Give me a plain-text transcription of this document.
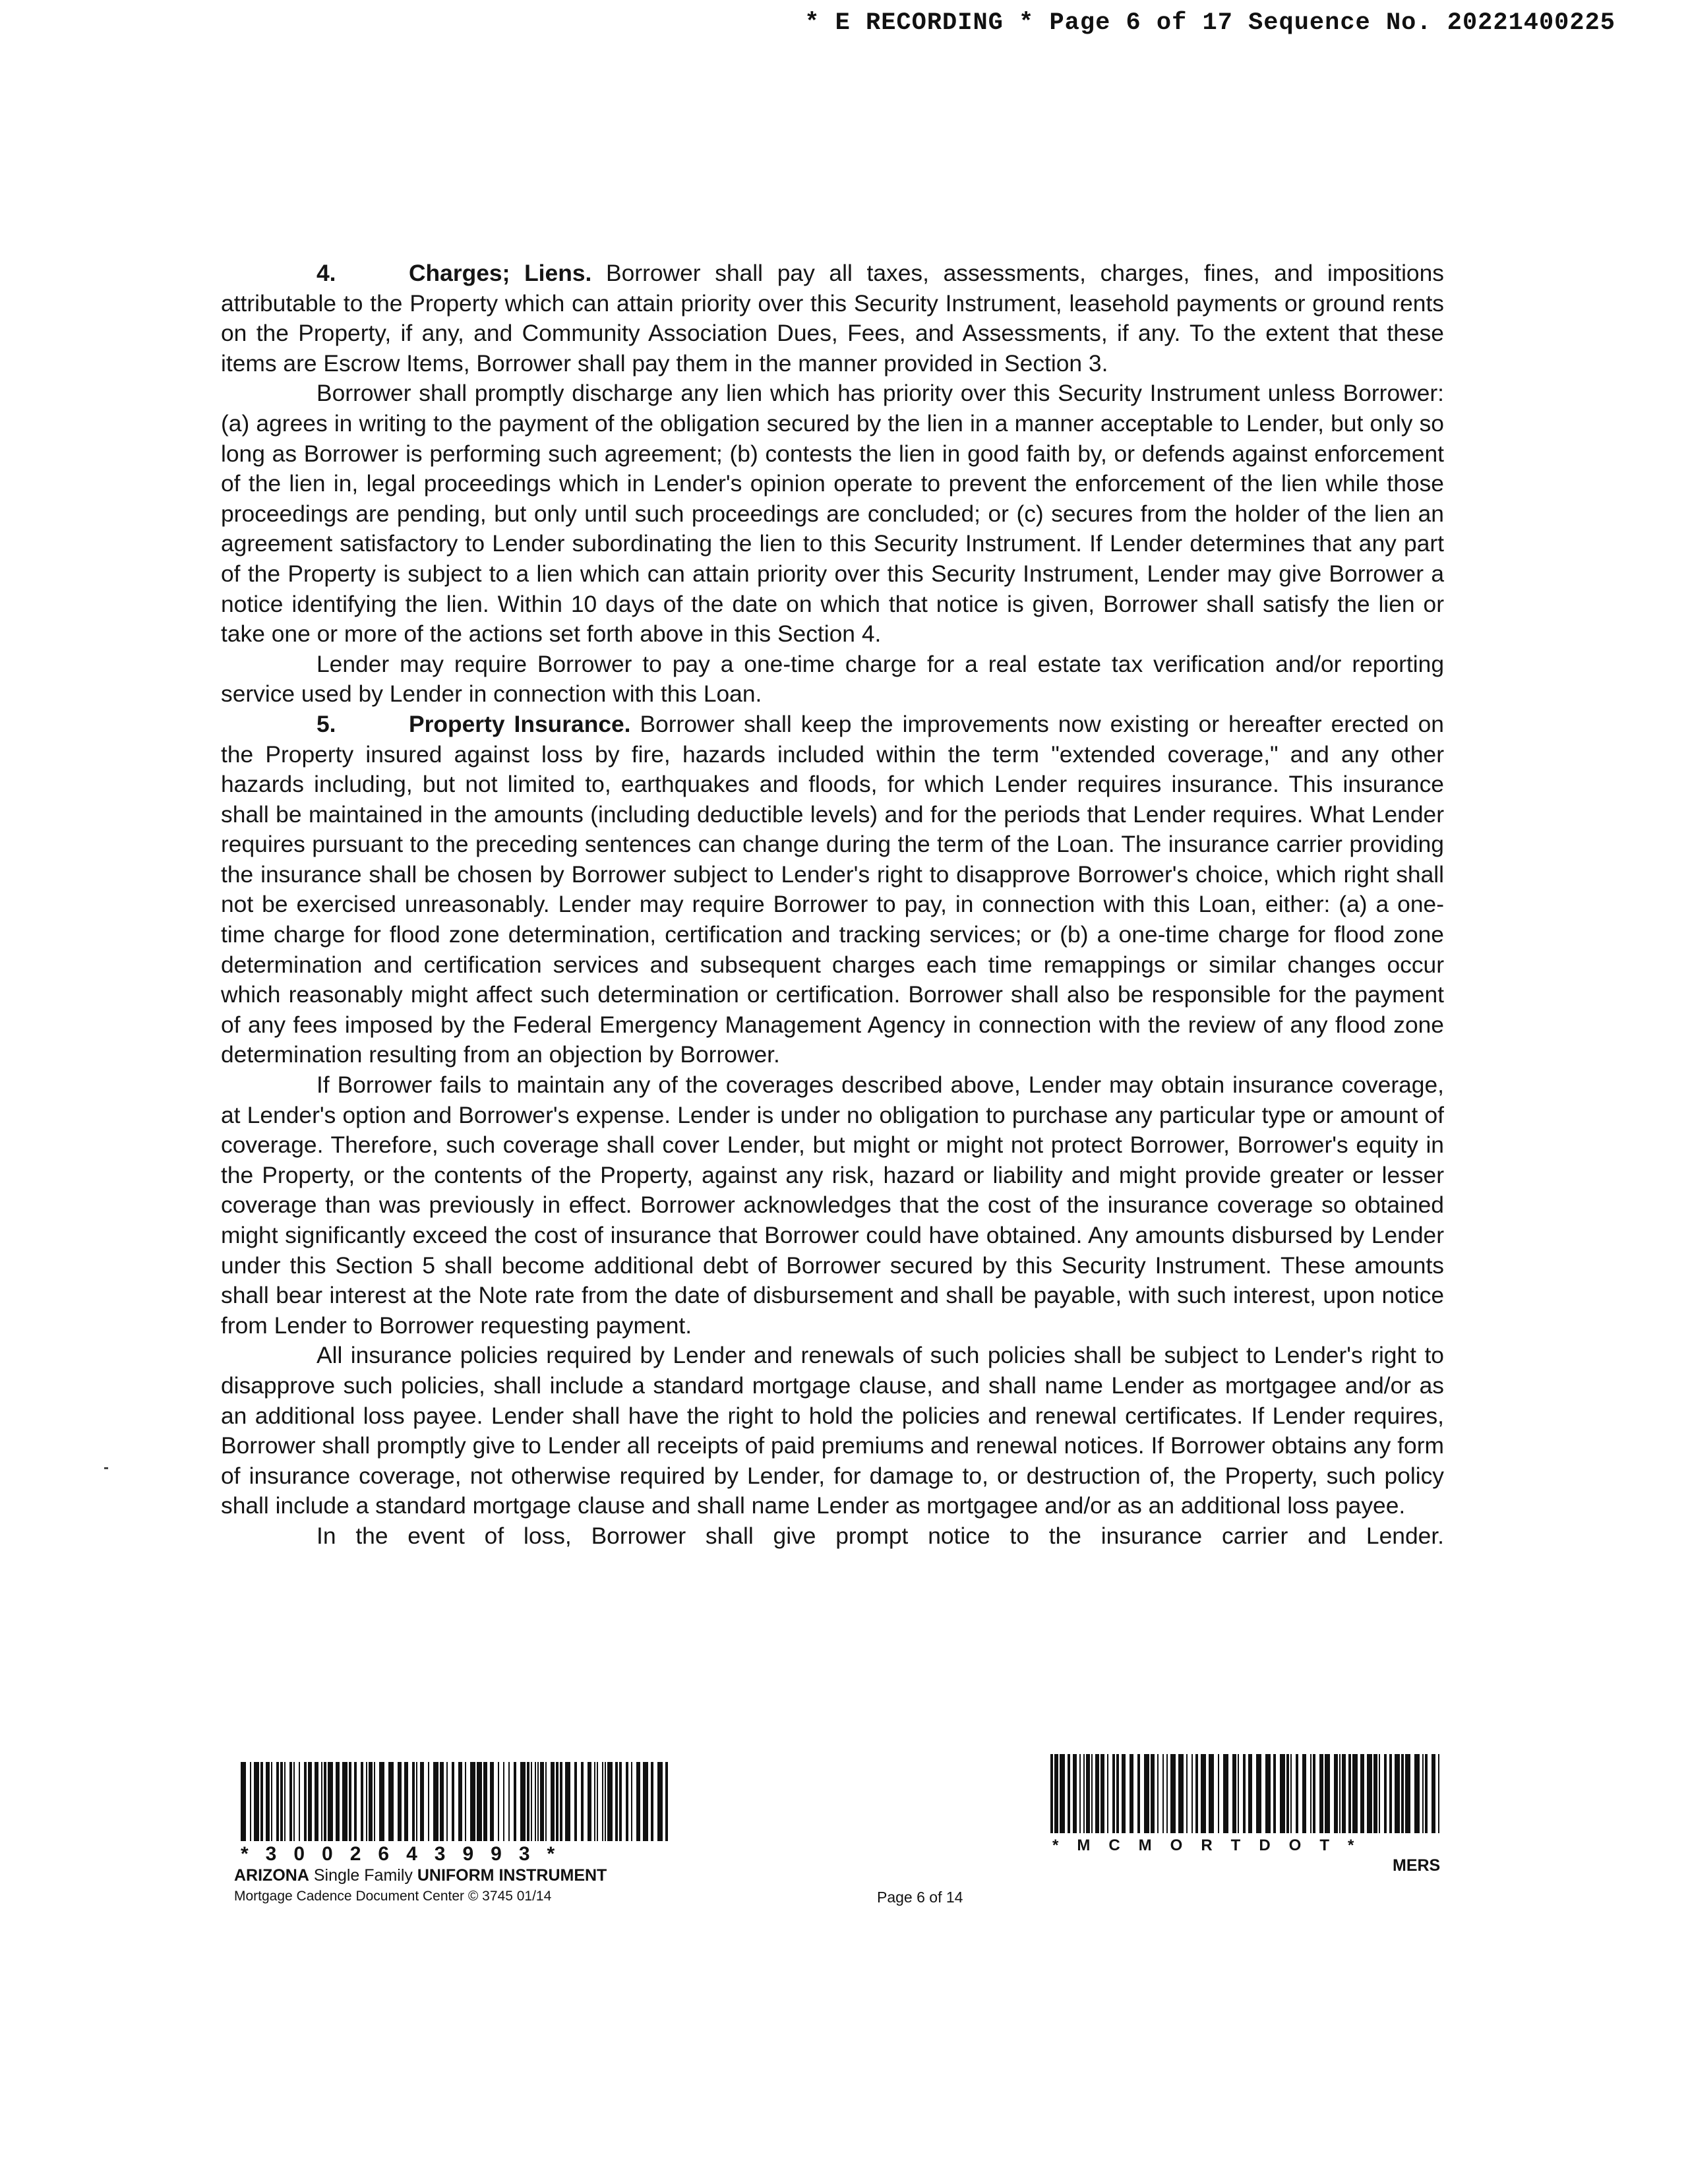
* E RECORDING * Page 6 of 17 Sequence No. 20221400225

4.	Charges; Liens. Borrower shall pay all taxes, assessments, charges, fines, and impositions attributable to the Property which can attain priority over this Security Instrument, leasehold payments or ground rents on the Property, if any, and Community Association Dues, Fees, and Assessments, if any. To the extent that these items are Escrow Items, Borrower shall pay them in the manner provided in Section 3.

Borrower shall promptly discharge any lien which has priority over this Security Instrument unless Borrower: (a) agrees in writing to the payment of the obligation secured by the lien in a manner acceptable to Lender, but only so long as Borrower is performing such agreement; (b) contests the lien in good faith by, or defends against enforcement of the lien in, legal proceedings which in Lender's opinion operate to prevent the enforcement of the lien while those proceedings are pending, but only until such proceedings are concluded; or (c) secures from the holder of the lien an agreement satisfactory to Lender subordinating the lien to this Security Instrument. If Lender determines that any part of the Property is subject to a lien which can attain priority over this Security Instrument, Lender may give Borrower a notice identifying the lien. Within 10 days of the date on which that notice is given, Borrower shall satisfy the lien or take one or more of the actions set forth above in this Section 4.

Lender may require Borrower to pay a one-time charge for a real estate tax verification and/or reporting service used by Lender in connection with this Loan.

5.	Property Insurance. Borrower shall keep the improvements now existing or hereafter erected on the Property insured against loss by fire, hazards included within the term "extended coverage," and any other hazards including, but not limited to, earthquakes and floods, for which Lender requires insurance. This insurance shall be maintained in the amounts (including deductible levels) and for the periods that Lender requires. What Lender requires pursuant to the preceding sentences can change during the term of the Loan. The insurance carrier providing the insurance shall be chosen by Borrower subject to Lender's right to disapprove Borrower's choice, which right shall not be exercised unreasonably. Lender may require Borrower to pay, in connection with this Loan, either: (a) a one-time charge for flood zone determination, certification and tracking services; or (b) a one-time charge for flood zone determination and certification services and subsequent charges each time remappings or similar changes occur which reasonably might affect such determination or certification. Borrower shall also be responsible for the payment of any fees imposed by the Federal Emergency Management Agency in connection with the review of any flood zone determination resulting from an objection by Borrower.

If Borrower fails to maintain any of the coverages described above, Lender may obtain insurance coverage, at Lender's option and Borrower's expense. Lender is under no obligation to purchase any particular type or amount of coverage. Therefore, such coverage shall cover Lender, but might or might not protect Borrower, Borrower's equity in the Property, or the contents of the Property, against any risk, hazard or liability and might provide greater or lesser coverage than was previously in effect. Borrower acknowledges that the cost of the insurance coverage so obtained might significantly exceed the cost of insurance that Borrower could have obtained. Any amounts disbursed by Lender under this Section 5 shall become additional debt of Borrower secured by this Security Instrument. These amounts shall bear interest at the Note rate from the date of disbursement and shall be payable, with such interest, upon notice from Lender to Borrower requesting payment.

All insurance policies required by Lender and renewals of such policies shall be subject to Lender's right to disapprove such policies, shall include a standard mortgage clause, and shall name Lender as mortgagee and/or as an additional loss payee. Lender shall have the right to hold the policies and renewal certificates. If Lender requires, Borrower shall promptly give to Lender all receipts of paid premiums and renewal notices. If Borrower obtains any form of insurance coverage, not otherwise required by Lender, for damage to, or destruction of, the Property, such policy shall include a standard mortgage clause and shall name Lender as mortgagee and/or as an additional loss payee.

In the event of loss, Borrower shall give prompt notice to the insurance carrier and Lender.

*3002643993*	*MCMORTDOT*
ARIZONA Single Family UNIFORM INSTRUMENT
Mortgage Cadence Document Center © 3745 01/14	Page 6 of 14
MERS
